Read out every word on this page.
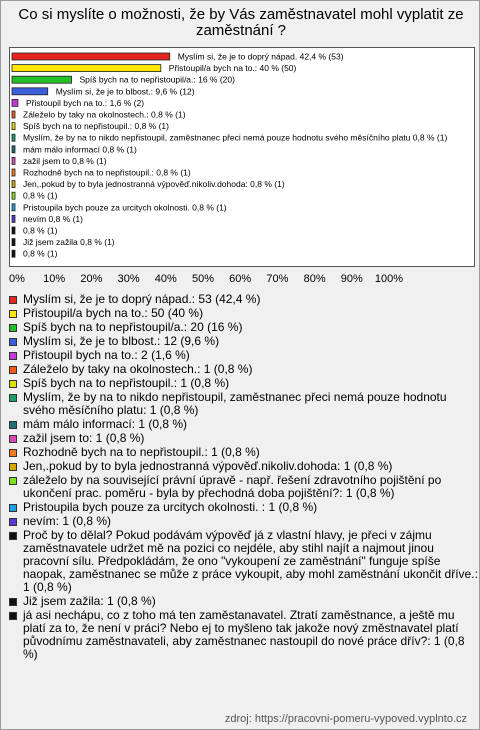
Co si myslíte o možnosti, že by Vás zaměstnavatel mohl vyplatit ze zaměstnání ?
Myslím si, že je to doprý nápad. 42,4 % (53)
Přistoupil/a bych na to.: 40 % (50)
Spíš bych na to nepřistoupil/a.: 16 % (20)
Myslím si, že je to blbost.: 9,6 % (12)
Přistoupil bych na to.: 1,6 % (2)
Záleželo by taky na okolnostech.: 0,8 % (1)
Spíš bych na to nepřistoupil.: 0,8 % (1)
Myslím, že by na to nikdo nepřistoupil, zaměstnanec přeci nemá pouze hodnotu svého měsíčního platu 0,8 % (1)
mám málo informací 0,8 % (1)
zažil jsem to 0,8 % (1)
Rozhodně bych na to nepřistoupil.: 0,8 % (1)
Jen,.pokud by to byla jednostranná výpověď.nikoliv.dohoda: 0,8 % (1)
0,8 % (1)
Pristoupila bych pouze za urcitych okolnosti. 0,8 % (1)
nevím 0,8 % (1)
0,8 % (1)
Již jsem zažila 0,8 % (1)
0,8 % (1)
0% 10% 20% 30% 40% 50% 60% 70% 80% 90% 100%
Myslím si, že je to doprý nápad.: 53 (42,4 %)
Přistoupil/a bych na to.: 50 (40 %)
Spíš bych na to nepřistoupil/a.: 20 (16 %)
Myslím si, že je to blbost.: 12 (9,6 %)
Přistoupil bych na to.: 2 (1,6 %)
Záleželo by taky na okolnostech.: 1 (0,8 %)
Spíš bych na to nepřistoupil.: 1 (0,8 %)
Myslím, že by na to nikdo nepřistoupil, zaměstnanec přeci nemá pouze hodnotu svého měsíčního platu: 1 (0,8 %)
mám málo informací: 1 (0,8 %)
zažil jsem to: 1 (0,8 %)
Rozhodně bych na to nepřistoupil.: 1 (0,8 %)
Jen,.pokud by to byla jednostranná výpověď.nikoliv.dohoda: 1 (0,8 %)
záleželo by na související právní úpravě - např. řešení zdravotního pojištění po ukončení prac. poměru - byla by přechodná doba pojištění?: 1 (0,8 %)
Pristoupila bych pouze za urcitych okolnosti. : 1 (0,8 %)
nevím: 1 (0,8 %)
Proč by to dělal? Pokud podávám výpověď já z vlastní hlavy, je přeci v zájmu zaměstnavatele udržet mě na pozici co nejdéle, aby stihl najít a najmout jinou pracovní sílu. Předpokládám, že ono "vykoupení ze zaměstnání" funguje spíše naopak, zaměstnanec se může z práce vykoupit, aby mohl zaměstnání ukončit dříve.: 1 (0,8 %)
Již jsem zažila: 1 (0,8 %)
já asi nechápu, co z toho má ten zaměstanavatel. Ztratí zaměstnance, a ještě mu platí za to, že není v práci? Nebo ej to myšleno tak jakože nový změstnavatel platí původnímu zaměstnavateli, aby zaměstnanec nastoupil do nové práce dřív?: 1 (0,8 %)
zdroj: https://pracovni-pomeru-vypoved.vyplnto.cz
